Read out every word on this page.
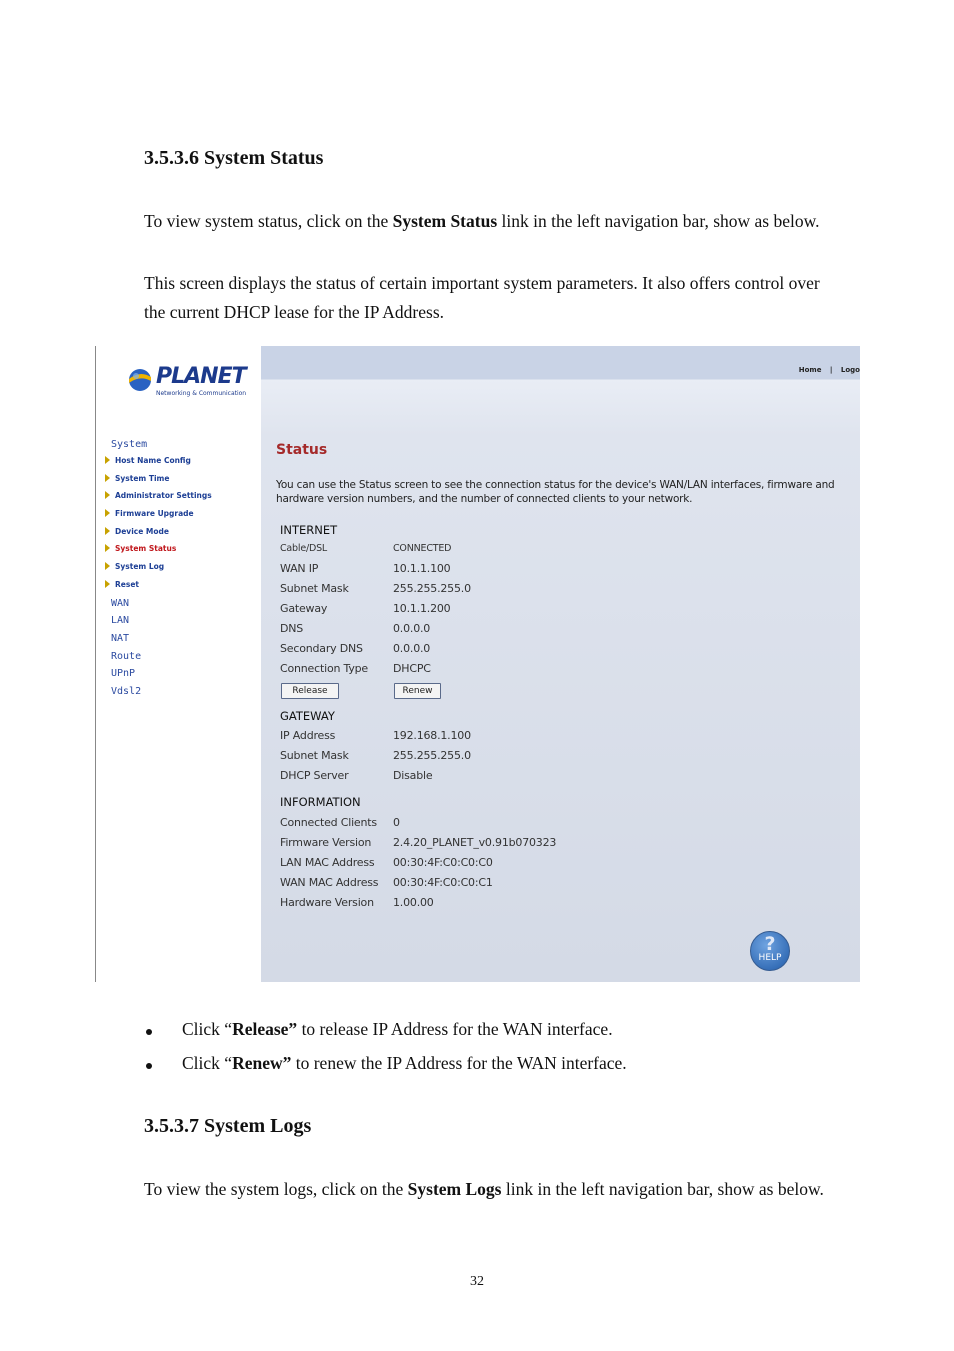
3.5.3.6 System Status
To view system status, click on the System Status link in the left navigation bar, show as below.
This screen displays the status of certain important system parameters. It also offers control over the current DHCP lease for the IP Address.
PLANET
Networking & Communication
System
Host Name Config
System Time
Administrator Settings
Firmware Upgrade
Device Mode
System Status
System Log
Reset
WAN
LAN
NAT
Route
UPnP
Vdsl2
Home | Logo
Status
You can use the Status screen to see the connection status for the device's WAN/LAN interfaces, firmware and hardware version numbers, and the number of connected clients to your network.
INTERNET
Cable/DSL	CONNECTED
WAN IP	10.1.1.100
Subnet Mask	255.255.255.0
Gateway	10.1.1.200
DNS	0.0.0.0
Secondary DNS	0.0.0.0
Connection Type DHCPC
Release	Renew
GATEWAY
IP Address	192.168.1.100
Subnet Mask	255.255.255.0
DHCP Server	Disable
INFORMATION
Connected Clients 0
Firmware Version 2.4.20_PLANET_v0.91b070323
LAN MAC Address 00:30:4F:C0:C0:C0
WAN MAC Address 00:30:4F:C0:C0:C1
Hardware Version 1.00.00
?
HELP
Click “Release” to release IP Address for the WAN interface.
Click “Renew” to renew the IP Address for the WAN interface.
3.5.3.7 System Logs
To view the system logs, click on the System Logs link in the left navigation bar, show as below.
32
